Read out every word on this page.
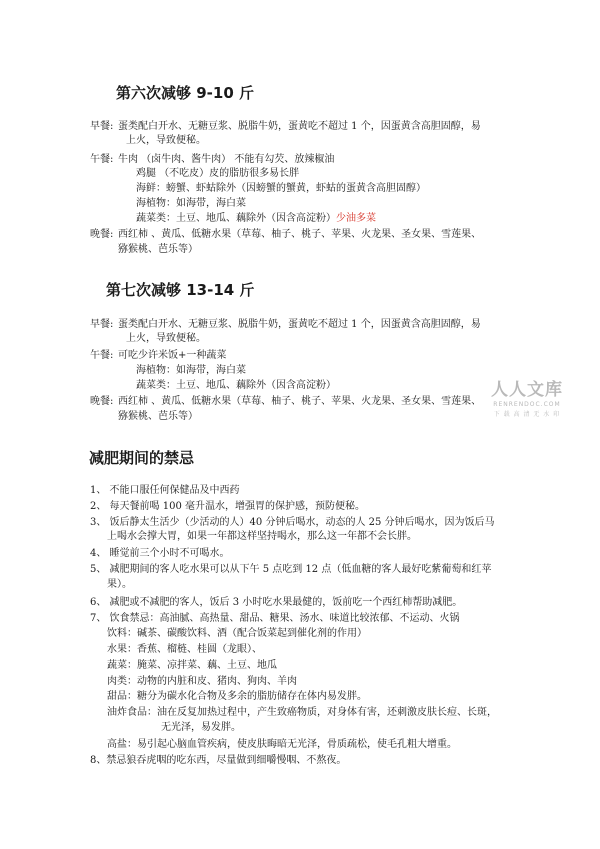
第六次减够 9-10 斤
早餐: 蛋类配白开水、无糖豆浆、脱脂牛奶，蛋黄吃不超过 1 个，因蛋黄含高胆固醇，易
上火，导致便秘。
午餐: 牛肉 （卤牛肉、酱牛肉） 不能有勾芡、放辣椒油
鸡腿 （不吃皮）皮的脂肪很多易长胖
海鲜：螃蟹、虾蛄除外（因螃蟹的蟹黄，虾蛄的蛋黄含高胆固醇）
海植物：如海带，海白菜
蔬菜类：土豆、地瓜、藕除外（因含高淀粉）少油多菜
晚餐: 西红柿 、黄瓜、低糖水果（草莓、柚子、桃子、苹果、火龙果、圣女果、雪莲果、
猕猴桃、芭乐等）
第七次减够 13-14 斤
早餐: 蛋类配白开水、无糖豆浆、脱脂牛奶，蛋黄吃不超过 1 个，因蛋黄含高胆固醇，易
上火，导致便秘。
午餐: 可吃少许米饭+一种蔬菜
海植物：如海带，海白菜
蔬菜类：土豆、地瓜、藕除外（因含高淀粉）
晚餐: 西红柿 、黄瓜、低糖水果（草莓、柚子、桃子、苹果、火龙果、圣女果、雪莲果、
猕猴桃、芭乐等）
人人文库
RENRENDOC.COM
下 载 高 清 无 水 印
减肥期间的禁忌
1、 不能口服任何保健品及中西药
2、 每天餐前喝 100 毫升温水，增强胃的保护感，预防便秘。
3、 饭后静太生活少（少活动的人）40 分钟后喝水，动态的人 25 分钟后喝水，因为饭后马
上喝水会撑大胃，如果一年都这样坚持喝水，那么这一年都不会长胖。
4、 睡觉前三个小时不可喝水。
5、 减肥期间的客人吃水果可以从下午 5 点吃到 12 点（低血糖的客人最好吃紫葡萄和红苹
果）。
6、 减肥或不减肥的客人，饭后 3 小时吃水果最健的，饭前吃一个西红柿帮助减肥。
7、 饮食禁忌：高油腻、高热量、甜品、糖果、汤水、味道比较浓郁、不运动、火锅
饮料：碱茶、碳酸饮料、酒（配合饭菜起到催化剂的作用）
水果：香蕉、榴梿、桂圆（龙眼）、
蔬菜：腌菜、凉拌菜、藕、土豆、地瓜
肉类：动物的内脏和皮、猪肉、狗肉、羊肉
甜品：糖分为碳水化合物及多余的脂肪储存在体内易发胖。
油炸食品：油在反复加热过程中，产生致癌物质，对身体有害，还刺激皮肤长痘、长斑，
无光泽，易发胖。
高盐：易引起心脑血管疾病，使皮肤晦暗无光泽，骨质疏松，使毛孔粗大增重。
8、禁忌狼吞虎咽的吃东西，尽量做到细嚼慢咽、不熬夜。
